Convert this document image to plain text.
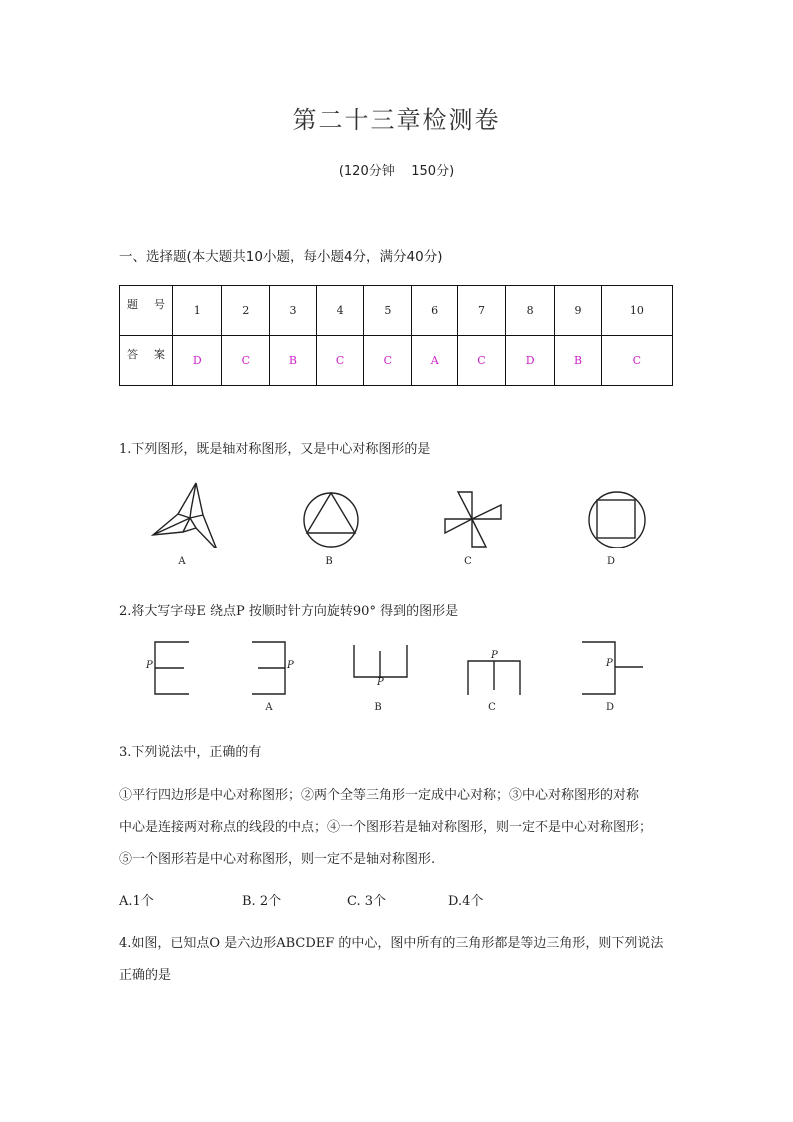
第二十三章检测卷
(120分钟    150分)
一、选择题(本大题共10小题，每小题4分，满分40分)
题 号	1	2	3	4	5	6	7	8	9	10

答 案	D	C	B	C	C	A	C	D	B	C
1.下列图形，既是轴对称图形，又是中心对称图形的是
A	B	C	D
2.将大写字母E 绕点P 按顺时针方向旋转90° 得到的图形是
P	P
P
P
P
A	B	C	D
3.下列说法中，正确的有
①平行四边形是中心对称图形；②两个全等三角形一定成中心对称；③中心对称图形的对称
中心是连接两对称点的线段的中点；④一个图形若是轴对称图形，则一定不是中心对称图形；
⑤一个图形若是中心对称图形，则一定不是轴对称图形.
A.1个	B. 2个	C. 3个	D.4个
4.如图，已知点O 是六边形ABCDEF 的中心，图中所有的三角形都是等边三角形，则下列说法
正确的是
